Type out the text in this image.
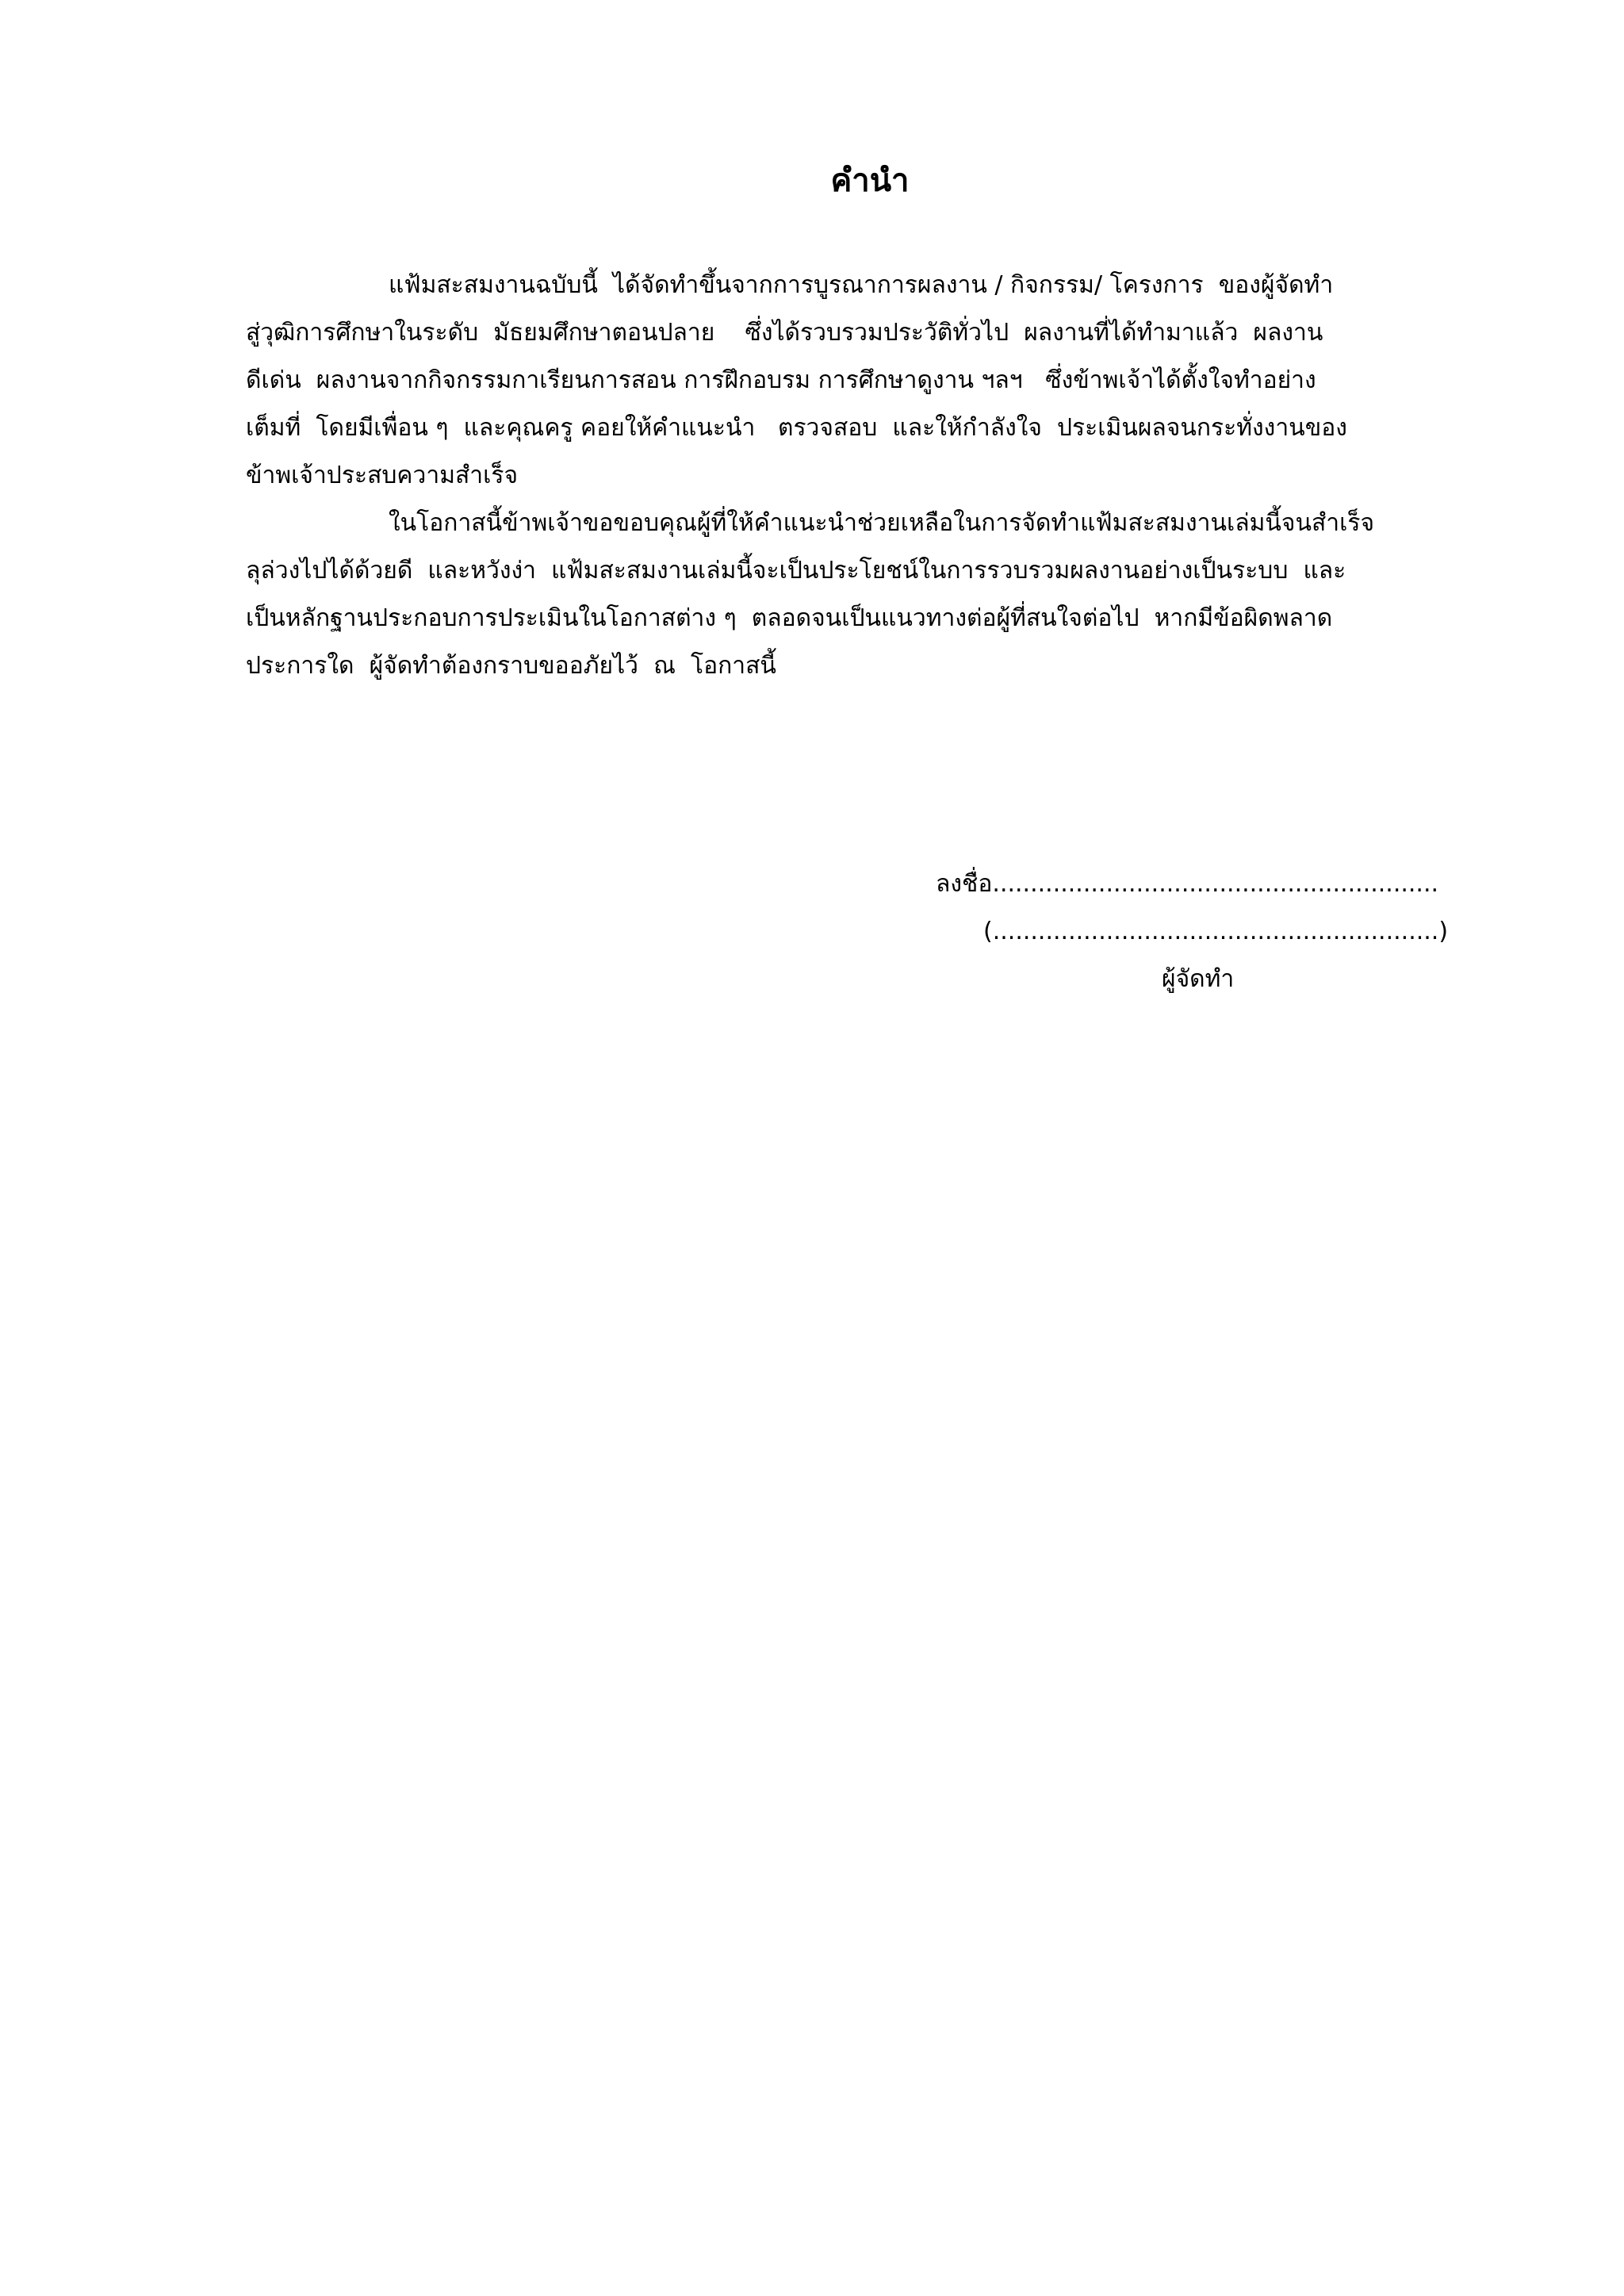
คำนำ
แฟ้มสะสมงานฉบับนี้  ได้จัดทำขึ้นจากการบูรณาการผลงาน / กิจกรรม/ โครงการ  ของผู้จัดทำ
สู่วุฒิการศึกษาในระดับ  มัธยมศึกษาตอนปลาย    ซึ่งได้รวบรวมประวัติทั่วไป  ผลงานที่ได้ทำมาแล้ว  ผลงาน
ดีเด่น  ผลงานจากกิจกรรมกาเรียนการสอน การฝึกอบรม การศึกษาดูงาน ฯลฯ   ซึ่งข้าพเจ้าได้ตั้งใจทำอย่าง
เต็มที่  โดยมีเพื่อน ๆ  และคุณครู คอยให้คำแนะนำ   ตรวจสอบ  และให้กำลังใจ  ประเมินผลจนกระทั่งงานของ
ข้าพเจ้าประสบความสำเร็จ
ในโอกาสนี้ข้าพเจ้าขอขอบคุณผู้ที่ให้คำแนะนำช่วยเหลือในการจัดทำแฟ้มสะสมงานเล่มนี้จนสำเร็จ
ลุล่วงไปได้ด้วยดี  และหวังง่า  แฟ้มสะสมงานเล่มนี้จะเป็นประโยชน์ในการรวบรวมผลงานอย่างเป็นระบบ  และ
เป็นหลักฐานประกอบการประเมินในโอกาสต่าง ๆ  ตลอดจนเป็นแนวทางต่อผู้ที่สนใจต่อไป  หากมีข้อผิดพลาด
ประการใด  ผู้จัดทำต้องกราบขออภัยไว้  ณ  โอกาสนี้
ลงชื่อ...........................................................
(...........................................................)
ผู้จัดทำ
